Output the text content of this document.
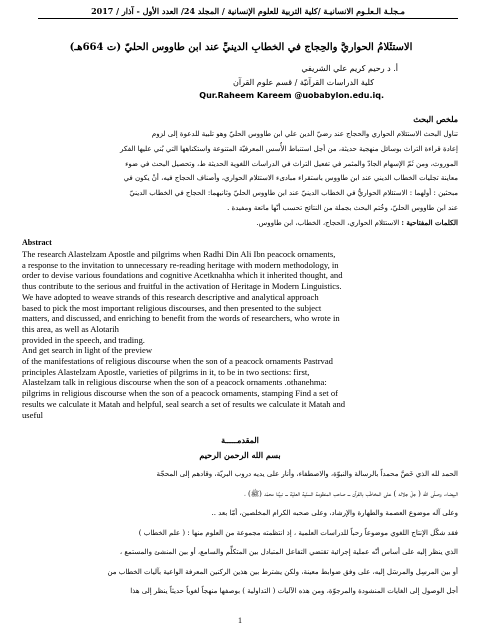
مـجلـة الـعلـوم الانسانيـة /كلية التربية للعلوم الإنسانية / المجلد 24/ العدد الأول - آذار / 2017
الاستئْلامُ الحواريُّ والحِجاج في الخطابِ الدينيِّ عند ابن طاووس الحليّ (ت 664هـ)
أ. د رحيم كريم علي الشريفي
كلية الدراسات القرآنيّة / قسم علوم القرآن
Qur.Raheem Kareem @uobabylon.edu.iq.
ملخص البحث

تناول البحث الاستئلام الحواري والحجاج عند رضيّ الدين علي ابن طاووس الحليّ وهو تلبية للدعوة إلى لزوم

إعادة قراءة التراث بوسائل منهجية حديثة، من أجل استنباط الأُسس المعرفيّة المتنوعة واستكناهها التي بُني عليها الفكر

الموروث، ومن ثَمّ الإسهام الجادّ والمثمر في تفعيل التراث في الدراسات اللغوية الحديثة ط، وتحصيل البحث في ضوء

معاينة تجليات الخطاب الديني عند ابن طاووس باستقراء مبادىء الاستئلام الحواري، وأصناف الحجاج فيه، أنْ يكون في

مبحثين : أولهما : الاستئلام الحواريُّ في الخطاب الدينيّ عند ابن طاووس الحليّ وثانيهما: الحجاج في الخطاب الدينيّ

عند ابن طاووس الحليّ، وخُتم البحث بجملة من النتائج تحسب أنّها ماتعة ومفيدة .

الكلمات المفتاحية : الاستئلام الحواري، الحجاج، الخطاب، ابن طاووس.

Abstract

The research Alastelzam Apostle and pilgrims when Radhi Din Ali Ibn peacock ornaments,

a response to the invitation to unnecessary re-reading heritage with modern methodology, in

order to devise various foundations and cognitive Acetknahha which it inherited thought, and

thus contribute to the serious and fruitful in the activation of Heritage in Modern Linguistics.

We have adopted to weave strands of this research descriptive and analytical approach

based to pick the most important religious discourses, and then presented to the subject

matters, and discussed, and enriching to benefit from the words of researchers, who wrote in

this area, as well as Alotarih

provided in the speech, and trading.

And get search in light of the preview

of the manifestations of religious discourse when the son of a peacock ornaments Pastrvad

principles Alastelzam Apostle, varieties of pilgrims in it, to be in two sections: first,

Alastelzam talk in religious discourse when the son of a peacock ornaments .othanehma:

pilgrims in religious discourse when the son of a peacock ornaments, stamping Find a set of

results we calculate it Matah and helpful, seal search a set of results we calculate it Matah and

useful

المقدمـــــة
بسم الله الرحمن الرحيم

الحمد لله الذي خَصَّ محمداً بالرسالة والنبوّة، والاصطفاء، وأنار على يديه دروب البريّة، وقادهم إلى المحجّة

البيضاء، وصلّى الله ( جلّ جلاله ) على المخاطَب بالقرآن ـــ صاحب المنظومة السنّية العليّة ـــ نبيِّنا محمّد (ﷺ) ،

وعلى آله موضوع العصمة والطهارة والإرشاد، وعلى صحبه الكرام المخلصين، أمّا بعد ..

فقد شكّل الإنتاج اللغوي موضوعاً رحباً للدراسات العلمية ، إذ انتظمته مجموعة من العلوم منها : ( علم الخطاب )

الذي ينظر إليه على أساس أنّه عملية إجرائية تقتضي التفاعل المتبادل بين المتكلِّم والسامع، أو بين المنشئ والمستمع ،

أو بين المرسِل والمرسَل إليه، على وفق ضوابط معينة، ولكن يشترط بين هذين الركنين المعرفة الواعية بآليات الخطاب من

أجل الوصول إلى الغايات المنشودة والمرجوّة، ومن هذه الآليات ( التداولية ) بوصفها منهجاً لغوياً حديثاً ينظر إلى هذا

1
